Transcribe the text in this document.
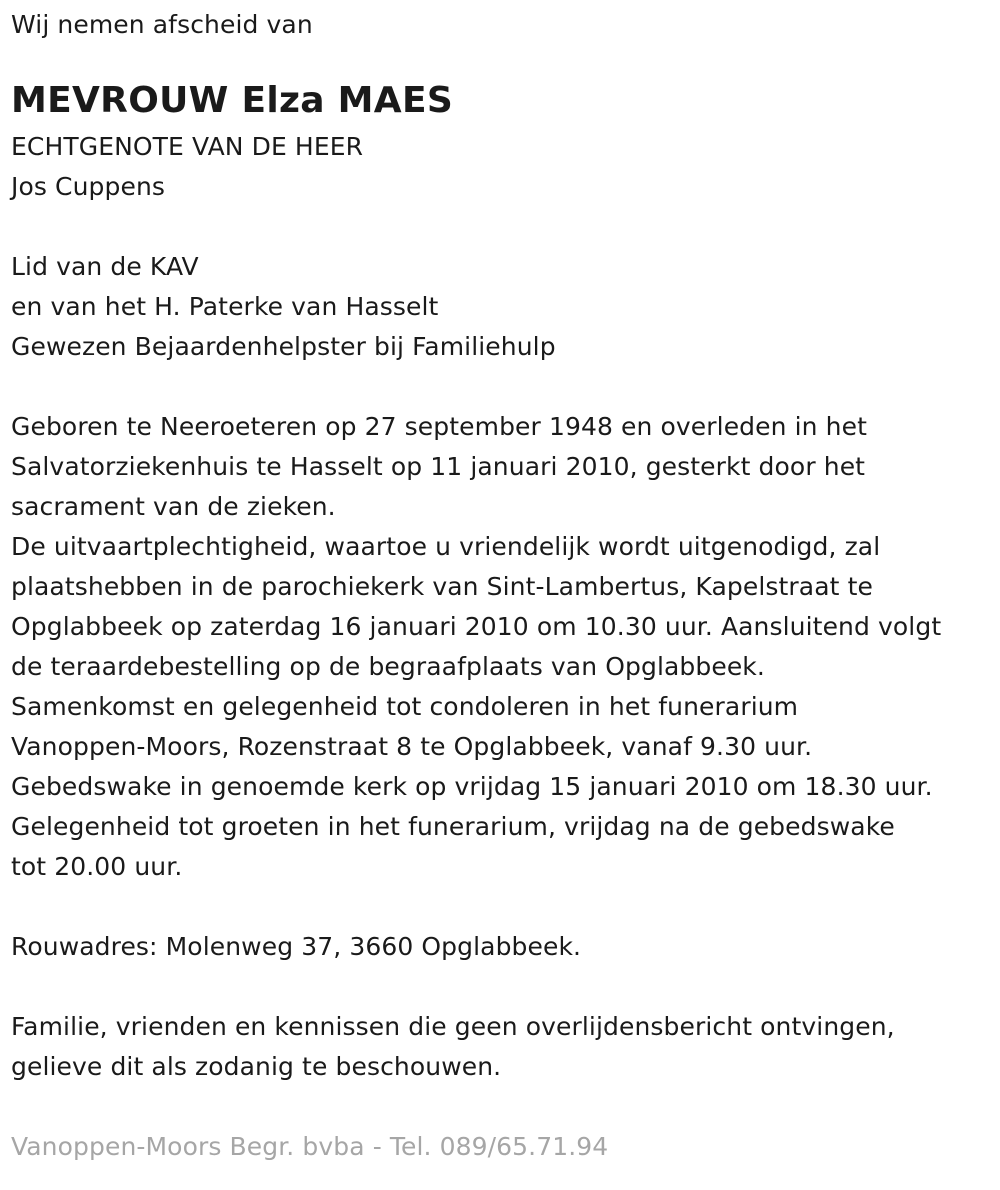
Wij nemen afscheid van
MEVROUW Elza MAES
ECHTGENOTE VAN DE HEER
Jos Cuppens
Lid van de KAV
en van het H. Paterke van Hasselt
Gewezen Bejaardenhelpster bij Familiehulp
Geboren te Neeroeteren op 27 september 1948 en overleden in het
Salvatorziekenhuis te Hasselt op 11 januari 2010, gesterkt door het
sacrament van de zieken.
De uitvaartplechtigheid, waartoe u vriendelijk wordt uitgenodigd, zal
plaatshebben in de parochiekerk van Sint-Lambertus, Kapelstraat te
Opglabbeek op zaterdag 16 januari 2010 om 10.30 uur. Aansluitend volgt
de teraardebestelling op de begraafplaats van Opglabbeek.
Samenkomst en gelegenheid tot condoleren in het funerarium
Vanoppen-Moors, Rozenstraat 8 te Opglabbeek, vanaf 9.30 uur.
Gebedswake in genoemde kerk op vrijdag 15 januari 2010 om 18.30 uur.
Gelegenheid tot groeten in het funerarium, vrijdag na de gebedswake
tot 20.00 uur.
Rouwadres: Molenweg 37, 3660 Opglabbeek.
Familie, vrienden en kennissen die geen overlijdensbericht ontvingen,
gelieve dit als zodanig te beschouwen.
Vanoppen-Moors Begr. bvba - Tel. 089/65.71.94
